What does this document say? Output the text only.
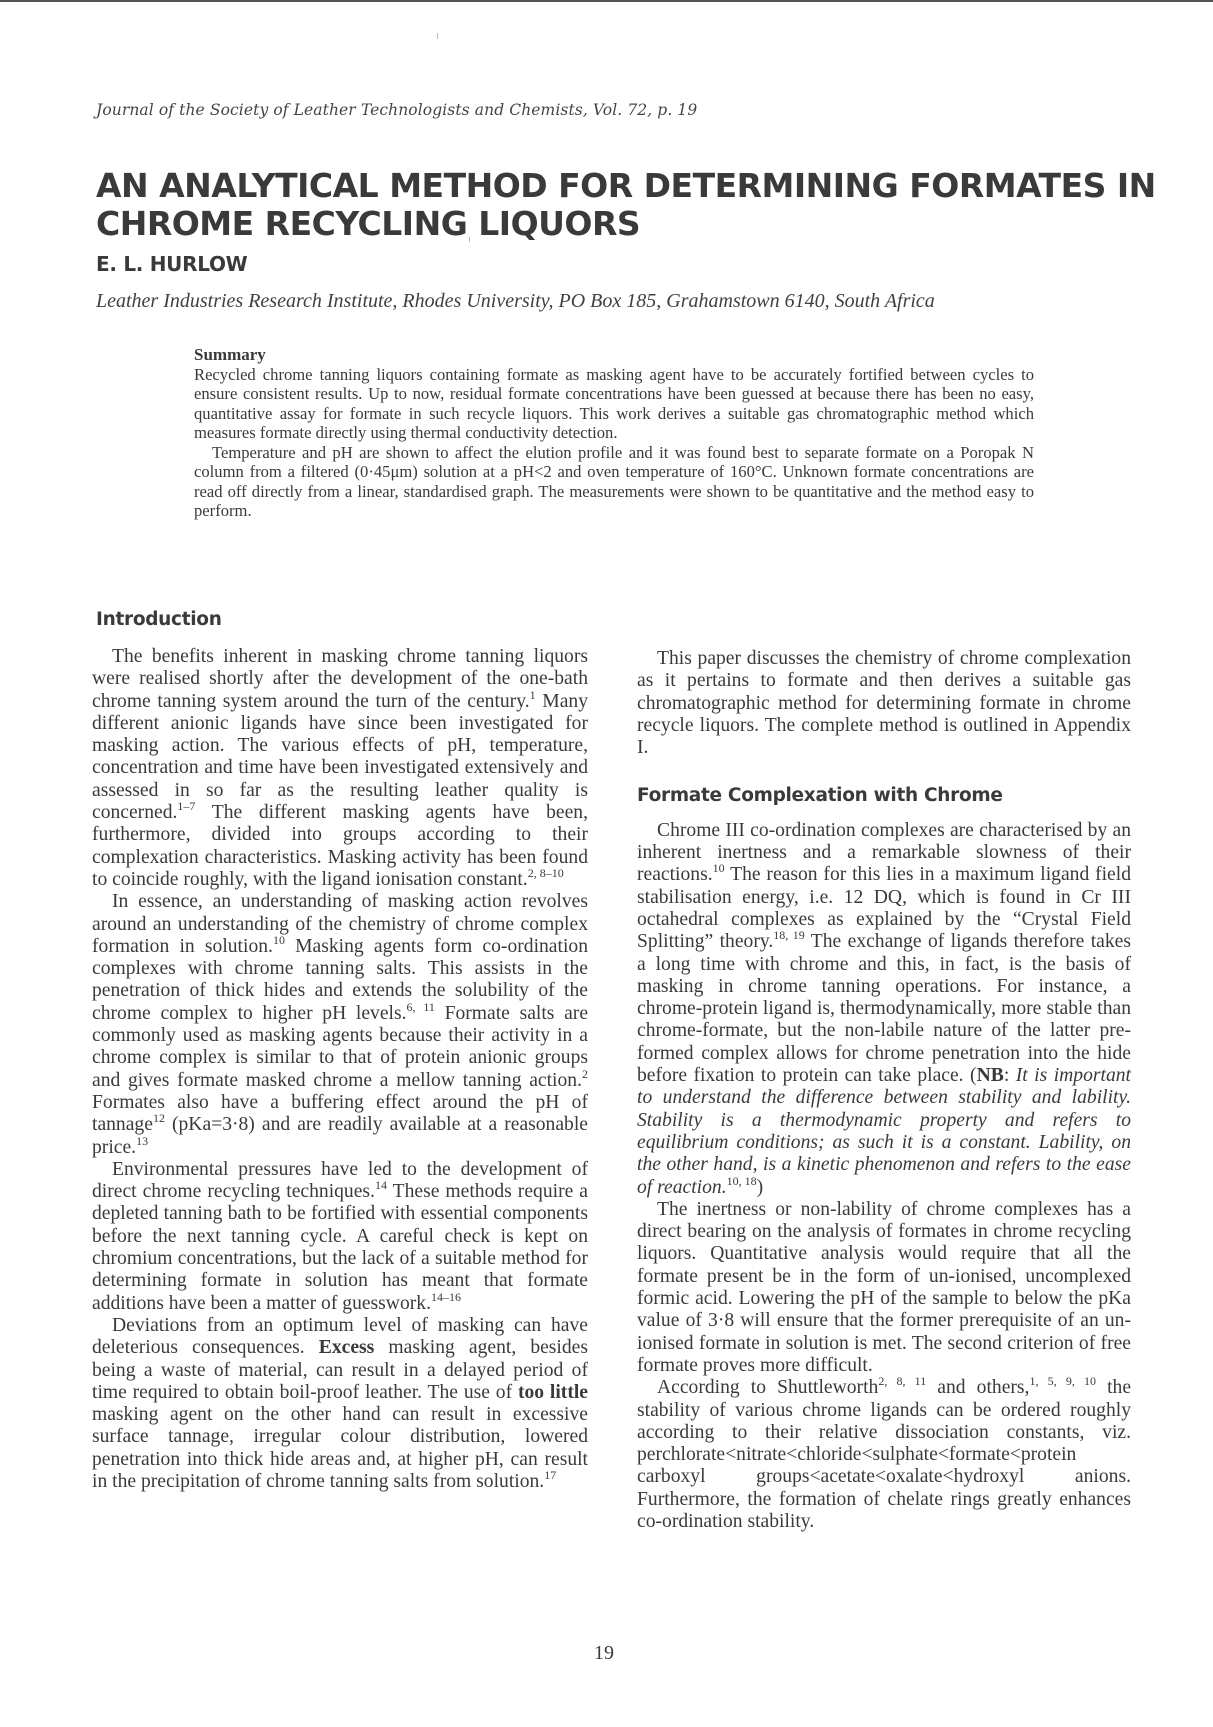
Journal of the Society of Leather Technologists and Chemists, Vol. 72, p. 19
AN ANALYTICAL METHOD FOR DETERMINING FORMATES IN
CHROME RECYCLING LIQUORS
E. L. HURLOW
Leather Industries Research Institute, Rhodes University, PO Box 185, Grahamstown 6140, South Africa
Summary

Recycled chrome tanning liquors containing formate as masking agent have to be accurately fortified between cycles to ensure consistent results. Up to now, residual formate concentrations have been guessed at because there has been no easy, quantitative assay for formate in such recycle liquors. This work derives a suitable gas chromatographic method which measures formate directly using thermal conductivity detection.

Temperature and pH are shown to affect the elution profile and it was found best to separate formate on a Poropak N column from a filtered (0·45μm) solution at a pH<2 and oven temperature of 160°C. Unknown formate concentrations are read off directly from a linear, standardised graph. The measurements were shown to be quantitative and the method easy to perform.

Introduction

The benefits inherent in masking chrome tanning liquors were realised shortly after the development of the one-bath chrome tanning system around the turn of the century.$^1$ Many different anionic ligands have since been investigated for masking action. The various effects of pH, temperature, concentration and time have been investigated extensively and assessed in so far as the resulting leather quality is concerned.$^{1-7}$ The different masking agents have been, furthermore, divided into groups according to their complexation characteristics. Masking activity has been found to coincide roughly, with the ligand ionisation constant.$^{2, 8-10}$

In essence, an understanding of masking action revolves around an understanding of the chemistry of chrome complex formation in solution.$^{10}$ Masking agents form co-ordination complexes with chrome tanning salts. This assists in the penetration of thick hides and extends the solubility of the chrome complex to higher pH levels.$^{6, 11}$ Formate salts are commonly used as masking agents because their activity in a chrome complex is similar to that of protein anionic groups and gives formate masked chrome a mellow tanning action.$^2$ Formates also have a buffering effect around the pH of tannage$^{12}$ (pKa=3·8) and are readily available at a reasonable price.$^{13}$

Environmental pressures have led to the development of direct chrome recycling techniques.$^{14}$ These methods require a depleted tanning bath to be fortified with essential components before the next tanning cycle. A careful check is kept on chromium concentrations, but the lack of a suitable method for determining formate in solution has meant that formate additions have been a matter of guesswork.$^{14-16}$

Deviations from an optimum level of masking can have deleterious consequences. Excess masking agent, besides being a waste of material, can result in a delayed period of time required to obtain boil-proof leather. The use of too little masking agent on the other hand can result in excessive surface tannage, irregular colour distribution, lowered penetration into thick hide areas and, at higher pH, can result in the precipitation of chrome tanning salts from solution.$^{17}$

This paper discusses the chemistry of chrome complexation as it pertains to formate and then derives a suitable gas chromatographic method for determining formate in chrome recycle liquors. The complete method is outlined in Appendix I.

Formate Complexation with Chrome

Chrome III co-ordination complexes are characterised by an inherent inertness and a remarkable slowness of their reactions.$^{10}$ The reason for this lies in a maximum ligand field stabilisation energy, i.e. 12 DQ, which is found in Cr III octahedral complexes as explained by the “Crystal Field Splitting” theory.$^{18, 19}$ The exchange of ligands therefore takes a long time with chrome and this, in fact, is the basis of masking in chrome tanning operations. For instance, a chrome-protein ligand is, thermodynamically, more stable than chrome-formate, but the non-labile nature of the latter pre-formed complex allows for chrome penetration into the hide before fixation to protein can take place. (NB: It is important to understand the difference between stability and lability. Stability is a thermodynamic property and refers to equilibrium conditions; as such it is a constant. Lability, on the other hand, is a kinetic phenomenon and refers to the ease of reaction.$^{10, 18}$)

The inertness or non-lability of chrome complexes has a direct bearing on the analysis of formates in chrome recycling liquors. Quantitative analysis would require that all the formate present be in the form of un-ionised, uncomplexed formic acid. Lowering the pH of the sample to below the pKa value of 3·8 will ensure that the former prerequisite of an un-ionised formate in solution is met. The second criterion of free formate proves more difficult.

According to Shuttleworth$^{2, 8, 11}$ and others,$^{1, 5, 9, 10}$ the stability of various chrome ligands can be ordered roughly according to their relative dissociation constants, viz. perchlorate<nitrate<chloride<sulphate<formate<protein carboxyl groups<acetate<oxalate<hydroxyl anions. Furthermore, the formation of chelate rings greatly enhances co-ordination stability.

19
